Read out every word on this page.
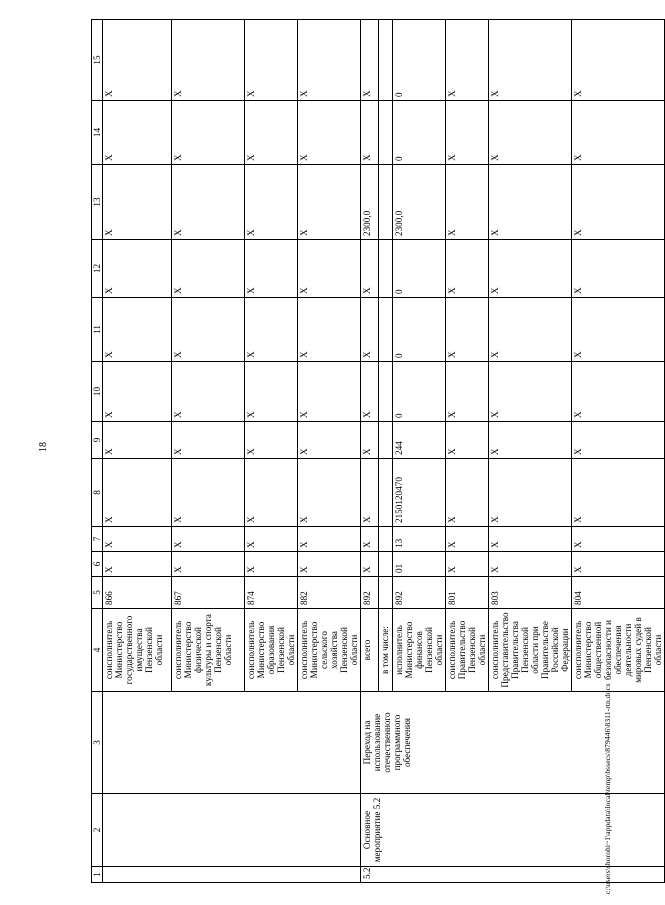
18
1	2	3	4	5	6	7	8	9	10	11	12	13	14	15
			соисполнитель Министерство государственного имущества Пензенской области	866	X	X	X	X	X	X	X	X	X	X
			соисполнитель Министерство физической культуры и спорта Пензенской области	867	X	X	X	X	X	X	X	X	X	X
			соисполнитель Министерство образования Пензенской области	874	X	X	X	X	X	X	X	X	X	X
			соисполнитель Министерство сельского хозяйства Пензенской области	882	X	X	X	X	X	X	X	X	X	X
5.2	Основное мероприятие 5.2	Переход на использование отечественного программного обеспечения	всего	892	X	X	X	X	X	X	X	2300,0	X	X
			в том числе:											
			исполнитель Министерство финансов Пензенской области	892	01	13	2150120470	244	0	0	0	2300,0	0	0
			соисполнитель Правительство Пензенской области	801	X	X	X	X	X	X	X	X	X	X
			соисполнитель Представительство Правительства Пензенской области при Правительстве Российской Федерации	803	X	X	X	X	X	X	X	X	X	X
			соисполнитель Министерство общественной безопасности и обеспечения деятельности мировых судей в Пензенской области	804	X	X	X	X	X	X	X	X	X	X
c:\users\shorohi~1\appdata\local\temp\bssecs\879446\8311-rtn.docx
